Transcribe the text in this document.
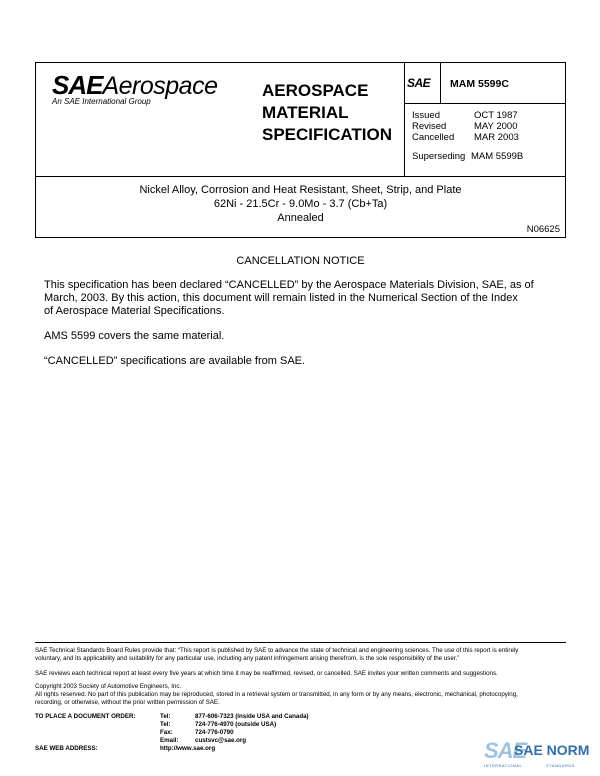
SAEAerospace
An SAE International Group
AEROSPACE
MATERIAL
SPECIFICATION
SAE MAM 5599C
Issued	OCT 1987
Revised	MAY 2000
Cancelled MAR 2003
Superseding MAM 5599B
Nickel Alloy, Corrosion and Heat Resistant, Sheet, Strip, and Plate
62Ni - 21.5Cr - 9.0Mo - 3.7 (Cb+Ta)
Annealed
N06625
CANCELLATION NOTICE
This specification has been declared “CANCELLED” by the Aerospace Materials Division, SAE, as of
March, 2003. By this action, this document will remain listed in the Numerical Section of the Index
of Aerospace Material Specifications.
AMS 5599 covers the same material.
“CANCELLED” specifications are available from SAE.
SAE Technical Standards Board Rules provide that: “This report is published by SAE to advance the state of technical and engineering sciences. The use of this report is entirely
voluntary, and its applicability and suitability for any particular use, including any patent infringement arising therefrom, is the sole responsibility of the user.”
SAE reviews each technical report at least every five years at which time it may be reaffirmed, revised, or cancelled. SAE invites your written comments and suggestions.
Copyright 2003 Society of Automotive Engineers, Inc.
All rights reserved. No part of this publication may be reproduced, stored in a retrieval system or transmitted, in any form or by any means, electronic, mechanical, photocopying,
recording, or otherwise, without the prior written permission of SAE.
TO PLACE A DOCUMENT ORDER:	Tel:	877-606-7323 (inside USA and Canada)
Tel:	724-776-4970 (outside USA)
Fax:	724-776-0790
Email:	custsvc@sae.org
SAE WEB ADDRESS:	http://www.sae.org	SAE
SAE NORM
INTERNATIONAL	STANDARDS
